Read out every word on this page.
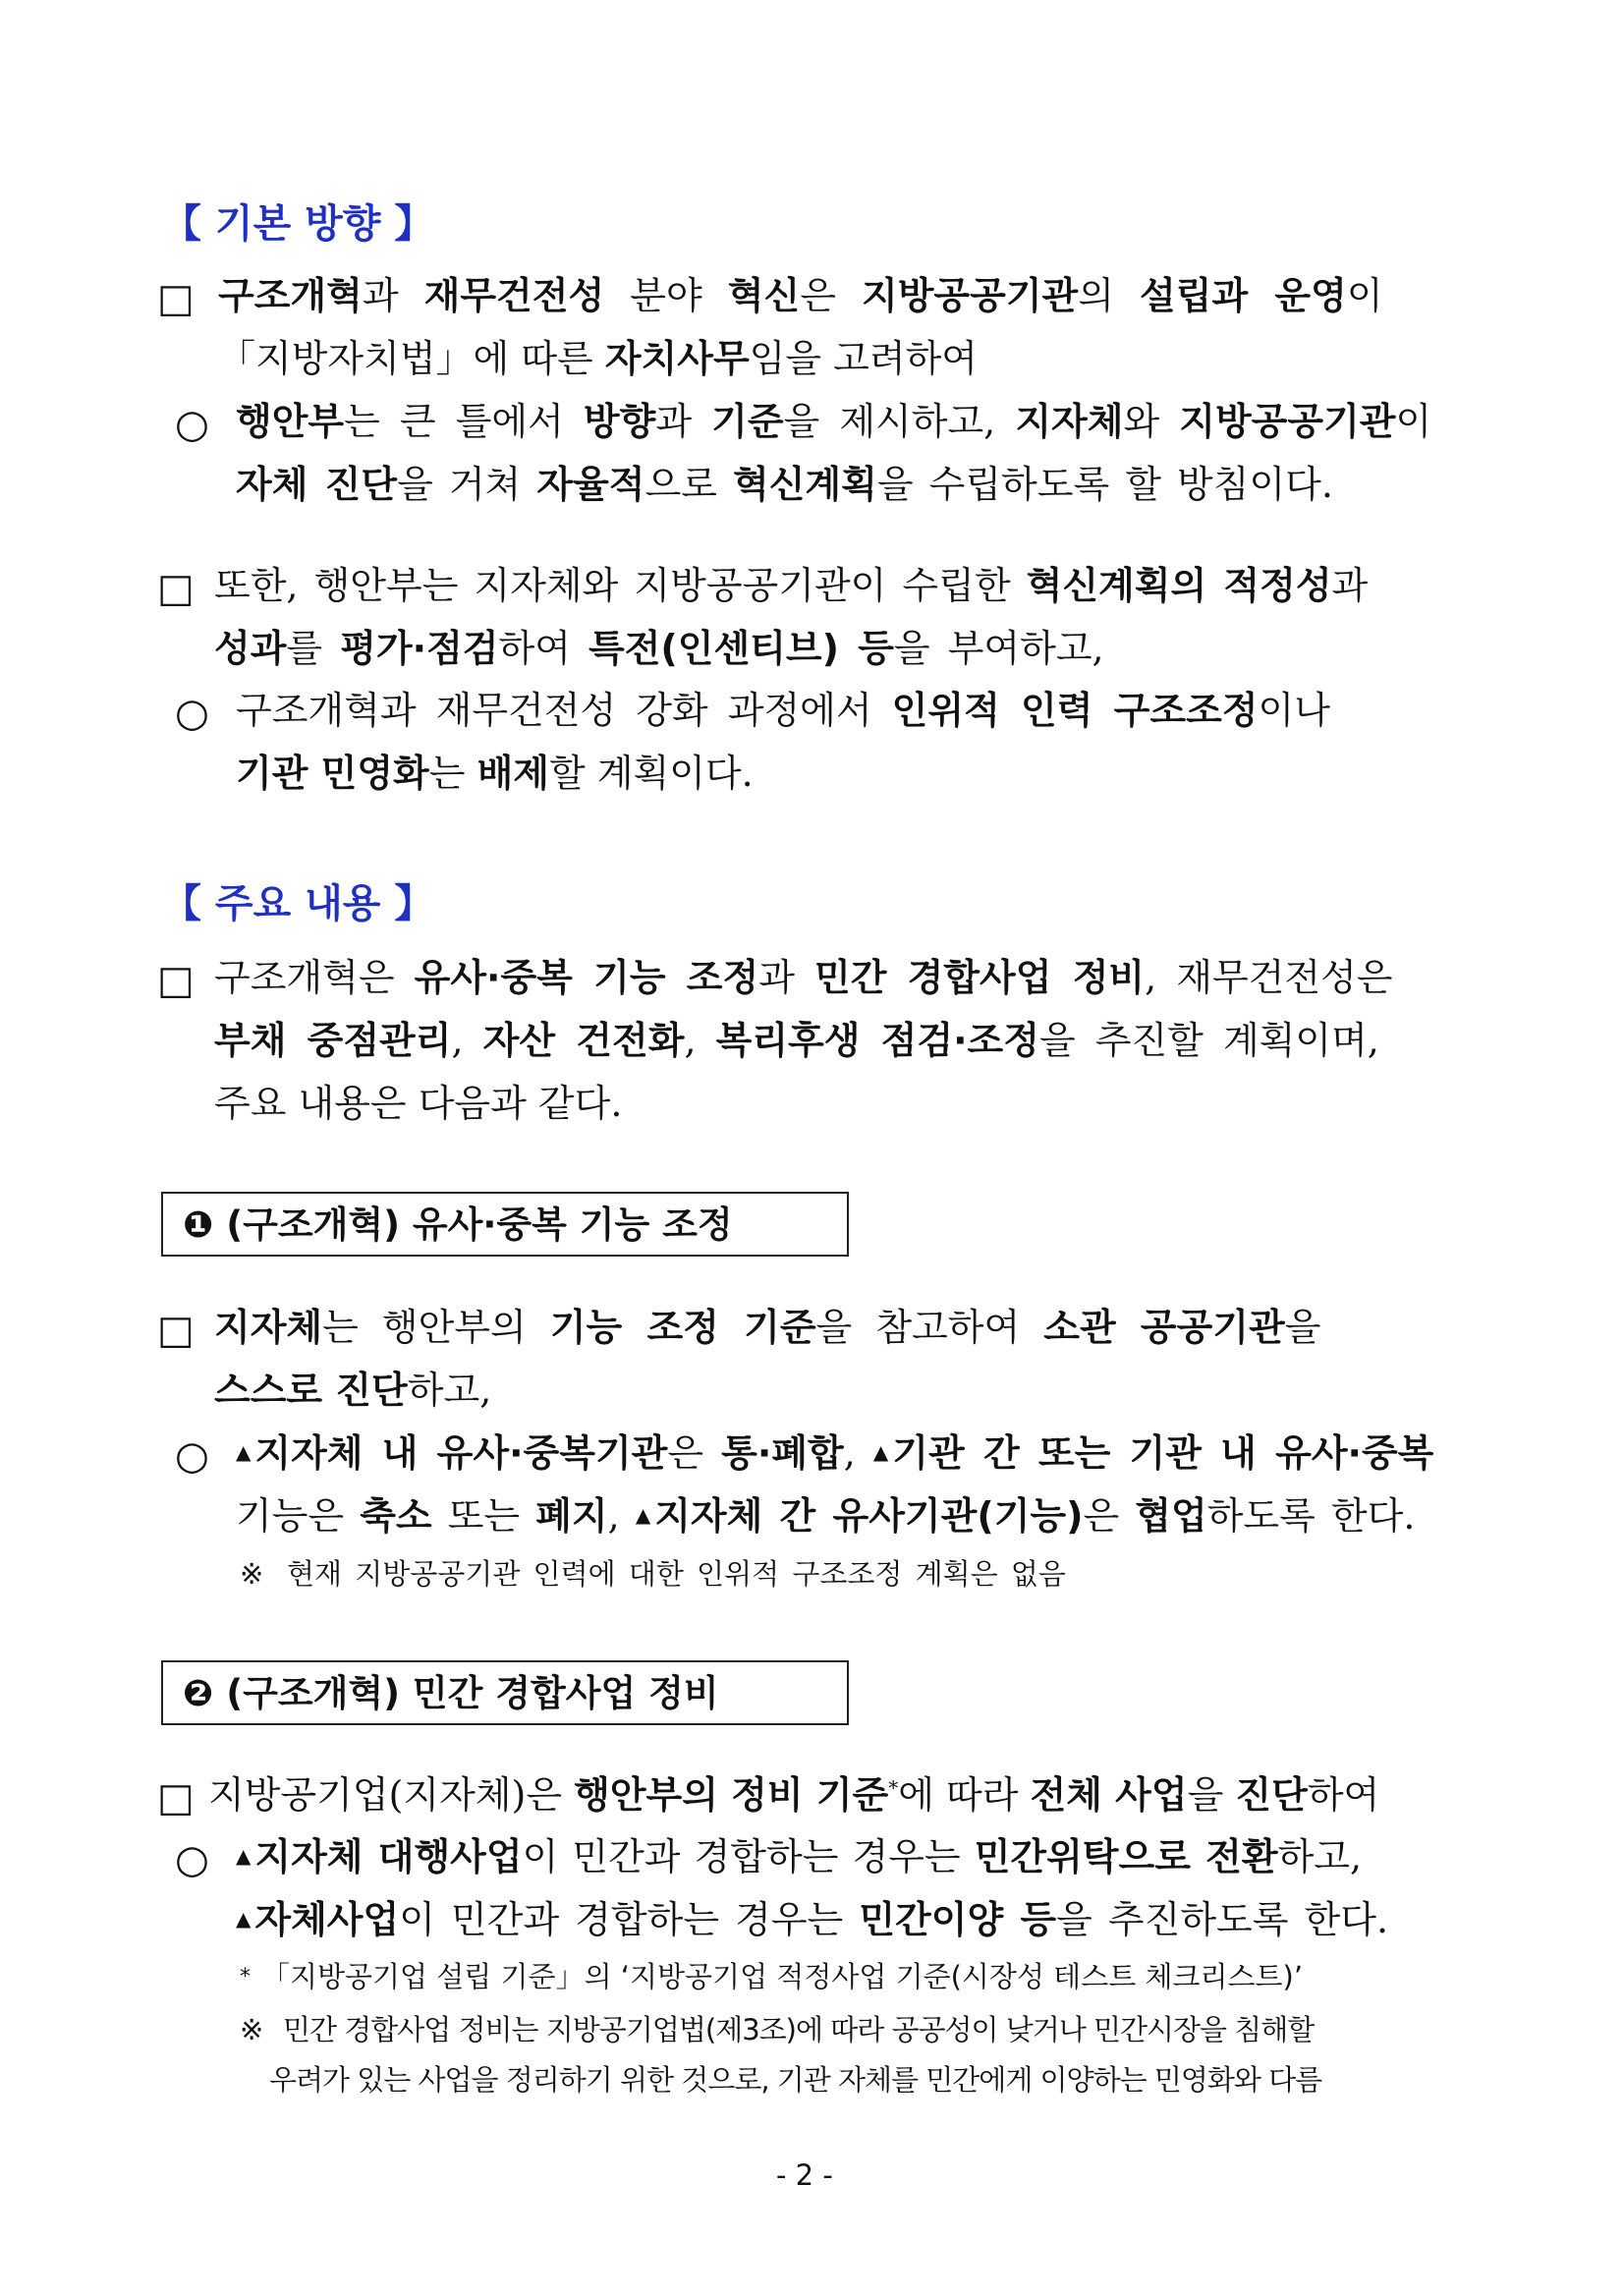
【 기본 방향 】
□ 구조개혁과 재무건전성 분야 혁신은 지방공공기관의 설립과 운영이
「지방자치법」에 따른 자치사무임을 고려하여
○ 행안부는 큰 틀에서 방향과 기준을 제시하고, 지자체와 지방공공기관이
자체 진단을 거쳐 자율적으로 혁신계획을 수립하도록 할 방침이다.
□ 또한, 행안부는 지자체와 지방공공기관이 수립한 혁신계획의 적정성과
성과를 평가·점검하여 특전(인센티브) 등을 부여하고,
○ 구조개혁과 재무건전성 강화 과정에서 인위적 인력 구조조정이나
기관 민영화는 배제할 계획이다.
【 주요 내용 】
□ 구조개혁은 유사·중복 기능 조정과 민간 경합사업 정비, 재무건전성은
부채 중점관리, 자산 건전화, 복리후생 점검·조정을 추진할 계획이며,
주요 내용은 다음과 같다.
❶ (구조개혁) 유사·중복 기능 조정
□ 지자체는 행안부의 기능 조정 기준을 참고하여 소관 공공기관을
스스로 진단하고,
○ ▲ 지자체 내 유사·중복기관은 통·폐합, ▲ 기관 간 또는 기관 내 유사·중복
기능은 축소 또는 폐지, ▲ 지자체 간 유사기관(기능)은 협업하도록 한다.
※ 현재 지방공공기관 인력에 대한 인위적 구조조정 계획은 없음
❷ (구조개혁) 민간 경합사업 정비
□ 지방공기업(지자체)은 행안부의 정비 기준*에 따라 전체 사업을 진단하여
○ ▲ 지자체 대행사업이 민간과 경합하는 경우는 민간위탁으로 전환하고,
▲ 자체사업이 민간과 경합하는 경우는 민간이양 등을 추진하도록 한다.
* 「지방공기업 설립 기준」의 ‘지방공기업 적정사업 기준(시장성 테스트 체크리스트)’
※ 민간 경합사업 정비는 지방공기업법(제3조)에 따라 공공성이 낮거나 민간시장을 침해할
우려가 있는 사업을 정리하기 위한 것으로, 기관 자체를 민간에게 이양하는 민영화와 다름
- 2 -
